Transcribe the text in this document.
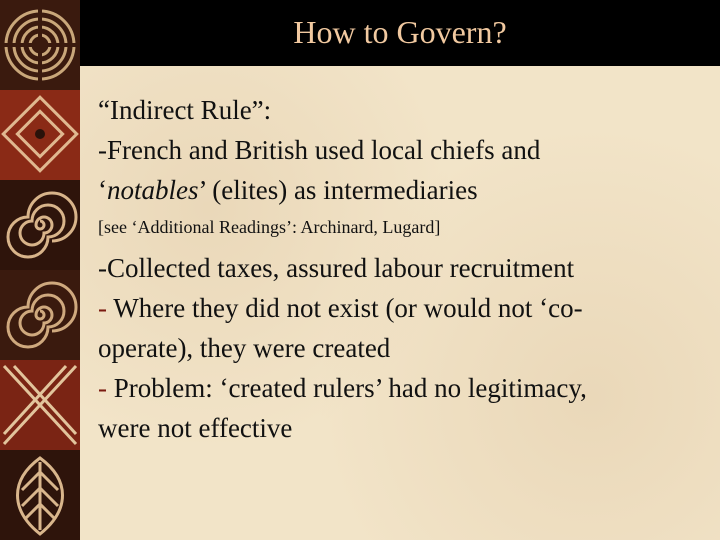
How to Govern?

“Indirect Rule”:

-French and British used local chiefs and

‘notables’ (elites) as intermediaries

[see ‘Additional Readings’: Archinard, Lugard]

-Collected taxes, assured labour recruitment

- Where they did not exist (or would not ‘co-

operate), they were created

- Problem: ‘created rulers’ had no legitimacy,

were not effective
